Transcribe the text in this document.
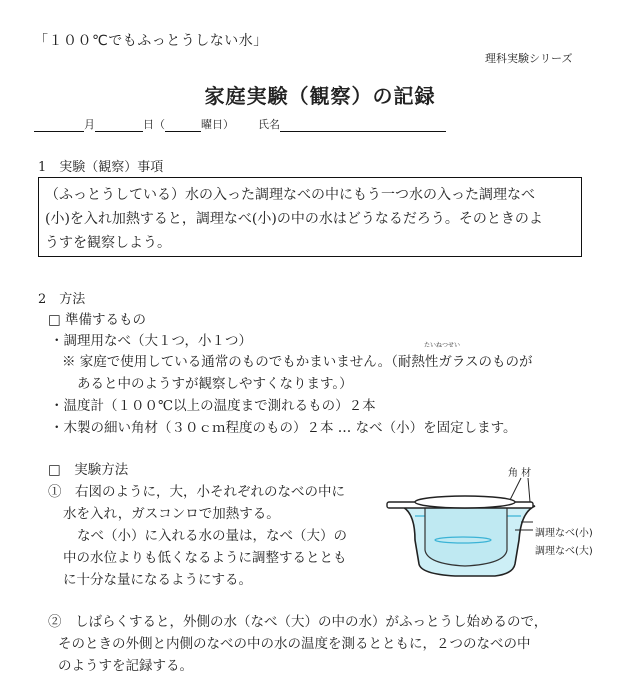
「１００℃でもふっとうしない水」
理科実験シリーズ
家庭実験（観察）の記録
月	日（	曜日） 氏名
1　実験（観察）事項
（ふっとうしている）水の入った調理なべの中にもう一つ水の入った調理なべ
(小)を入れ加熱すると，調理なべ(小)の中の水はどうなるだろう。そのときのよ
うすを観察しよう。
2　方法
□ 準備するもの
・調理用なべ（大１つ，小１つ）	たいねつせい
※ 家庭で使用している通常のものでもかまいません。（耐熱性ガラスのものが
あると中のようすが観察しやすくなります。）
・温度計（１００℃以上の温度まで測れるもの）２本
・木製の細い角材（３０ｃｍ程度のもの）２本 … なべ（小）を固定します。
□　実験方法
①　右図のように，大，小それぞれのなべの中に
水を入れ，ガスコンロで加熱する。
なべ（小）に入れる水の量は，なべ（大）の
中の水位よりも低くなるように調整するととも
に十分な量になるようにする。
②　しばらくすると，外側の水（なべ（大）の中の水）がふっとうし始めるので，
そのときの外側と内側のなべの中の水の温度を測るとともに，２つのなべの中
のようすを記録する。
角 材
調理なべ(小)
調理なべ(大)
